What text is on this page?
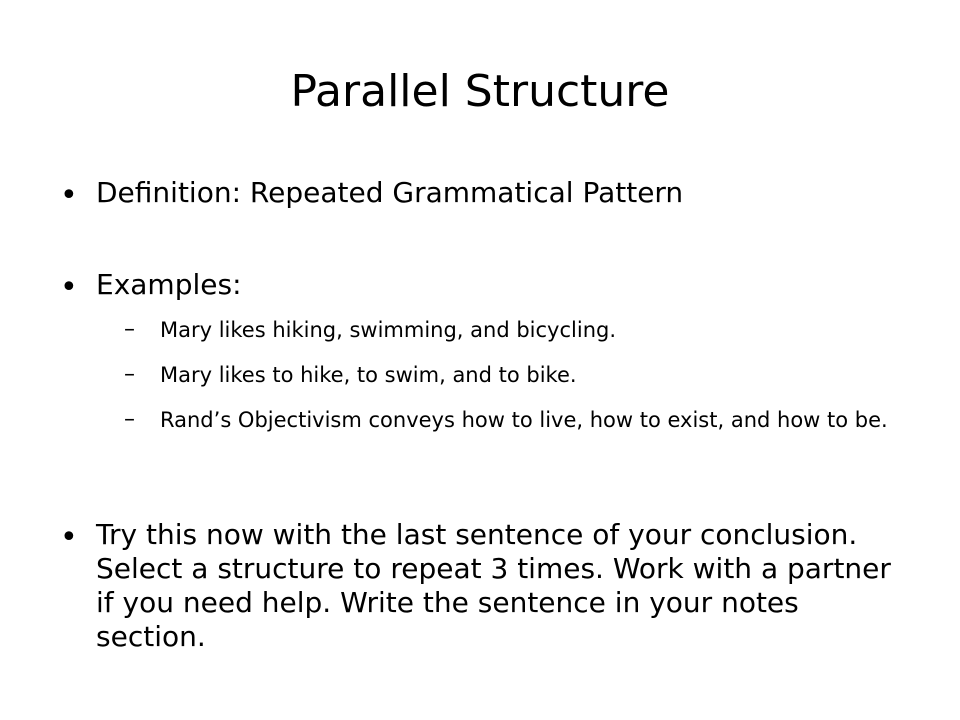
Parallel Structure
• Definition: Repeated Grammatical Pattern
• Examples:
–	Mary likes hiking, swimming, and bicycling.
–	Mary likes to hike, to swim, and to bike.
–	Rand’s Objectivism conveys how to live, how to exist, and how to be.
• Try this now with the last sentence of your conclusion. Select a structure to repeat 3 times. Work with a partner if you need help. Write the sentence in your notes section.
